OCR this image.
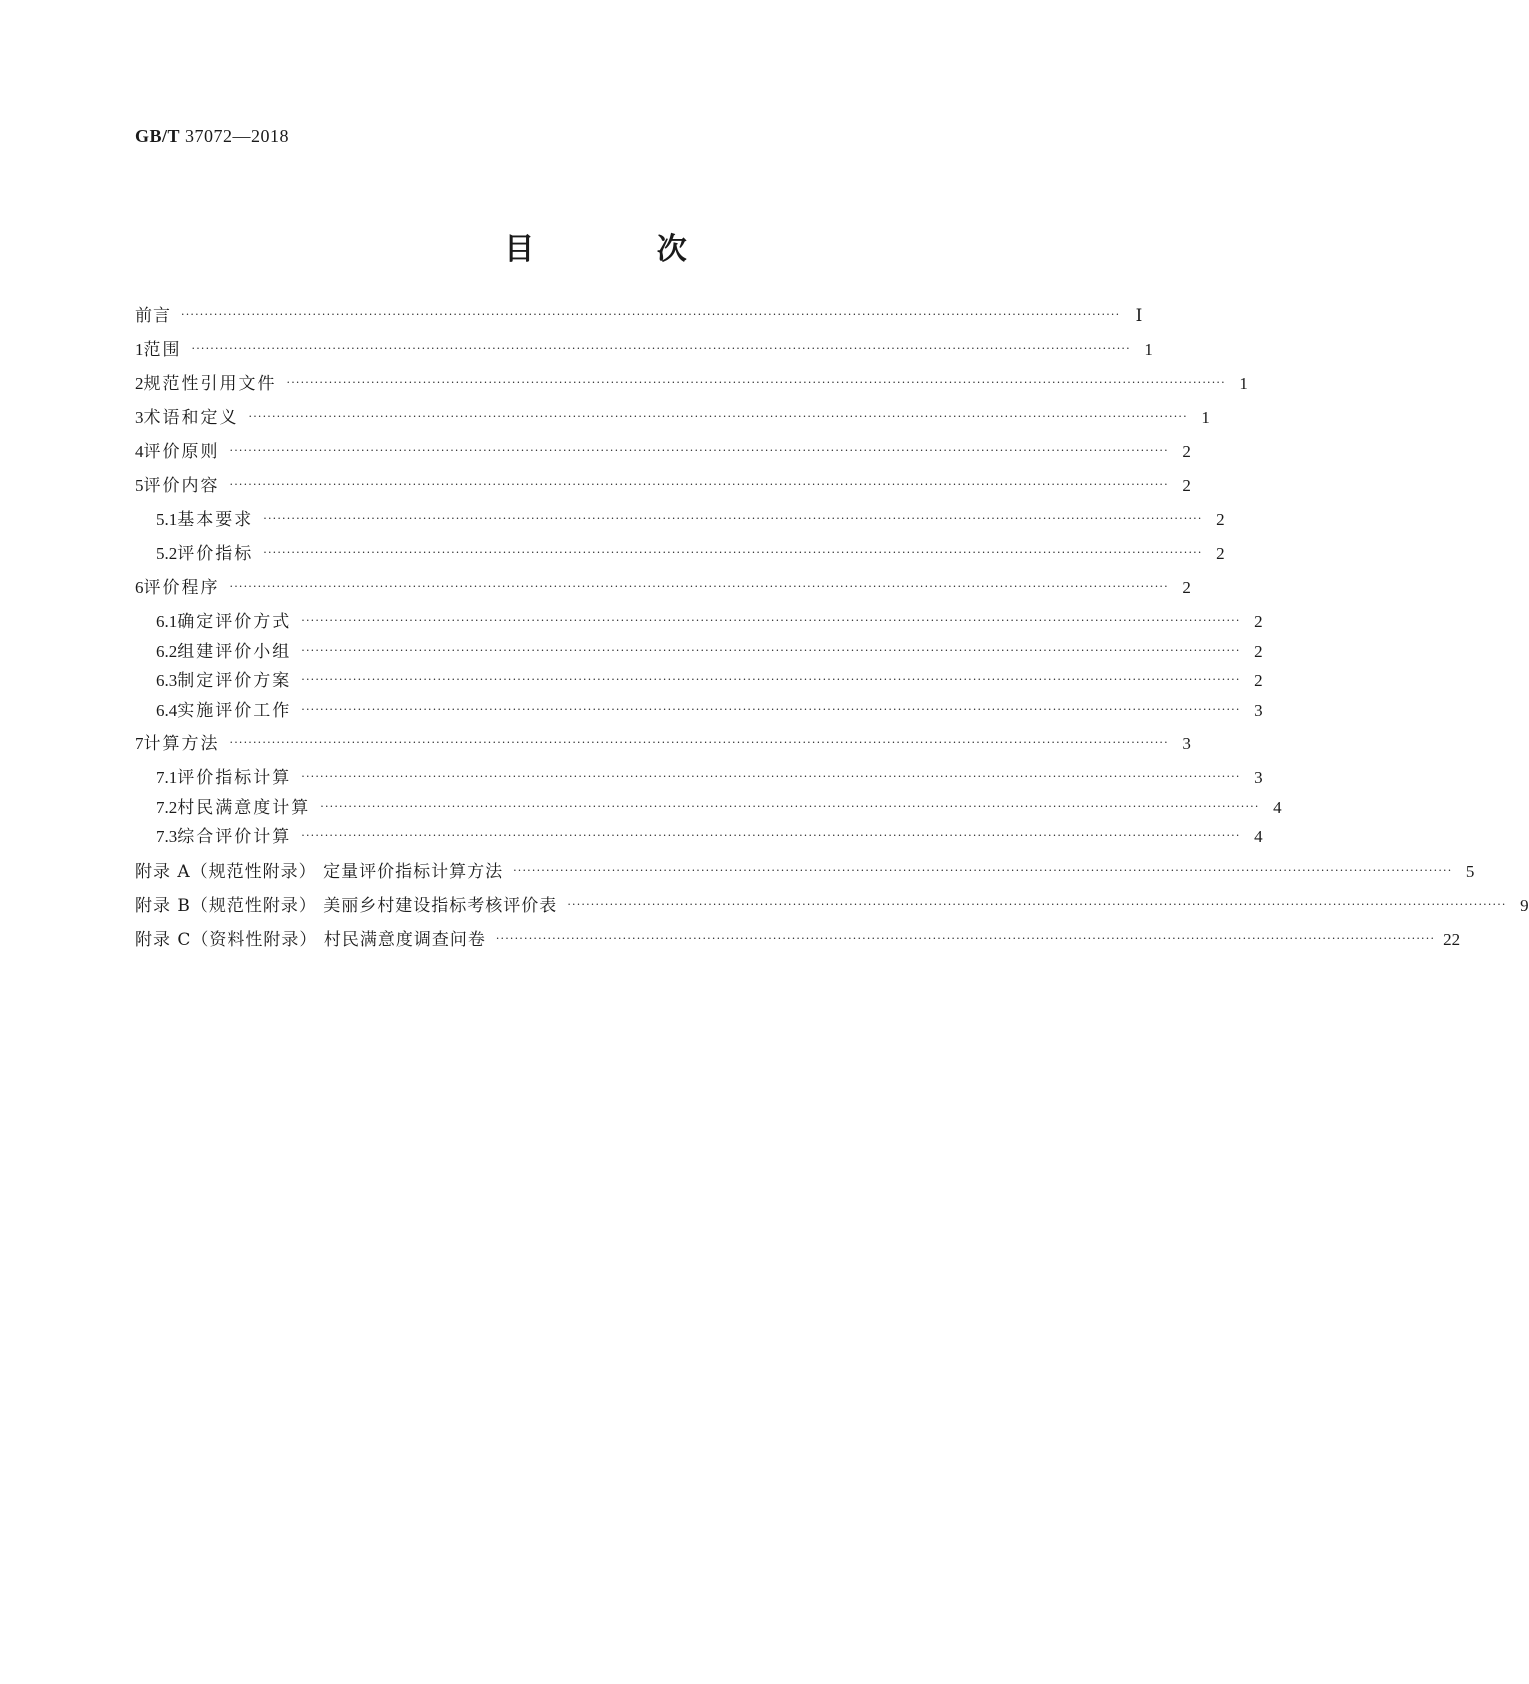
GB/T 37072—2018
目 次
前言 ········································································································································································································ Ⅰ
1 范围 ········································································································································································································ 1
2 规范性引用文件 ········································································································································································································ 1
3 术语和定义 ········································································································································································································ 1
4 评价原则 ········································································································································································································ 2
5 评价内容 ········································································································································································································ 2
5.1 基本要求 ········································································································································································································ 2
5.2 评价指标 ········································································································································································································ 2
6 评价程序 ········································································································································································································ 2
6.1 确定评价方式 ········································································································································································································ 2
6.2 组建评价小组 ········································································································································································································ 2
6.3 制定评价方案 ········································································································································································································ 2
6.4 实施评价工作 ········································································································································································································ 3
7 计算方法 ········································································································································································································ 3
7.1 评价指标计算 ········································································································································································································ 3
7.2 村民满意度计算 ········································································································································································································ 4
7.3 综合评价计算 ········································································································································································································ 4
附录 A（规范性附录） 定量评价指标计算方法 ········································································································································································································ 5
附录 B（规范性附录） 美丽乡村建设指标考核评价表 ········································································································································································································ 9
附录 C（资料性附录） 村民满意度调查问卷 ········································································································································································································ 22
